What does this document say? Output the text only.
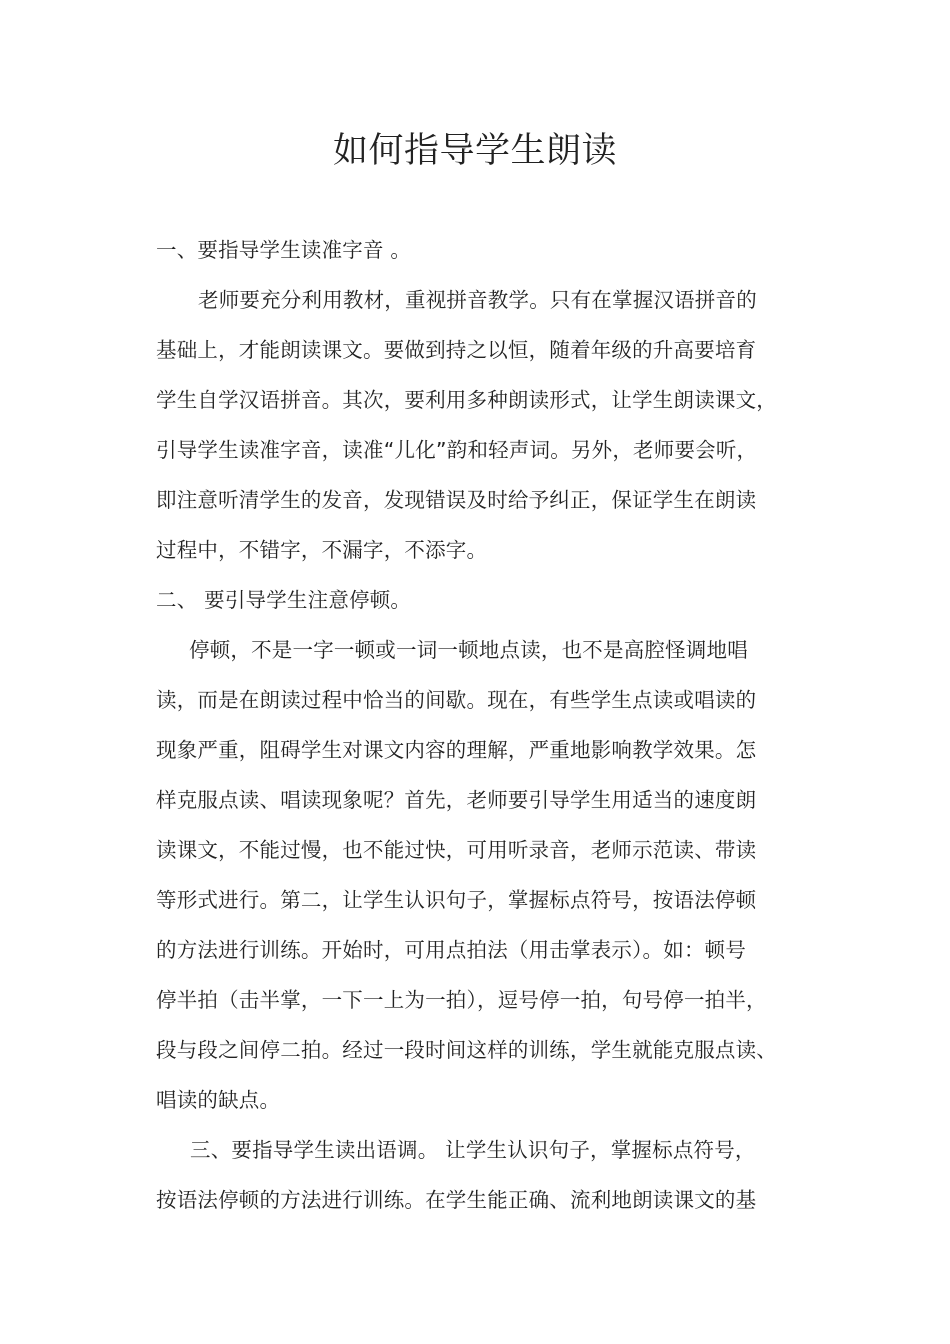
如何指导学生朗读
一、要指导学生读准字音 。
老师要充分利用教材，重视拼音教学。只有在掌握汉语拼音的
基础上，才能朗读课文。要做到持之以恒，随着年级的升高要培育
学生自学汉语拼音。其次，要利用多种朗读形式，让学生朗读课文，
引导学生读准字音，读准“儿化”韵和轻声词。另外，老师要会听，
即注意听清学生的发音，发现错误及时给予纠正，保证学生在朗读
过程中，不错字，不漏字，不添字。
二、 要引导学生注意停顿。
停顿，不是一字一顿或一词一顿地点读，也不是高腔怪调地唱
读，而是在朗读过程中恰当的间歇。现在，有些学生点读或唱读的
现象严重，阻碍学生对课文内容的理解，严重地影响教学效果。怎
样克服点读、唱读现象呢？首先，老师要引导学生用适当的速度朗
读课文，不能过慢，也不能过快，可用听录音，老师示范读、带读
等形式进行。第二，让学生认识句子，掌握标点符号，按语法停顿
的方法进行训练。开始时，可用点拍法（用击掌表示）。如：顿号
停半拍（击半掌，一下一上为一拍），逗号停一拍，句号停一拍半，
段与段之间停二拍。经过一段时间这样的训练，学生就能克服点读、
唱读的缺点。
三、要指导学生读出语调。 让学生认识句子，掌握标点符号，
按语法停顿的方法进行训练。在学生能正确、流利地朗读课文的基
